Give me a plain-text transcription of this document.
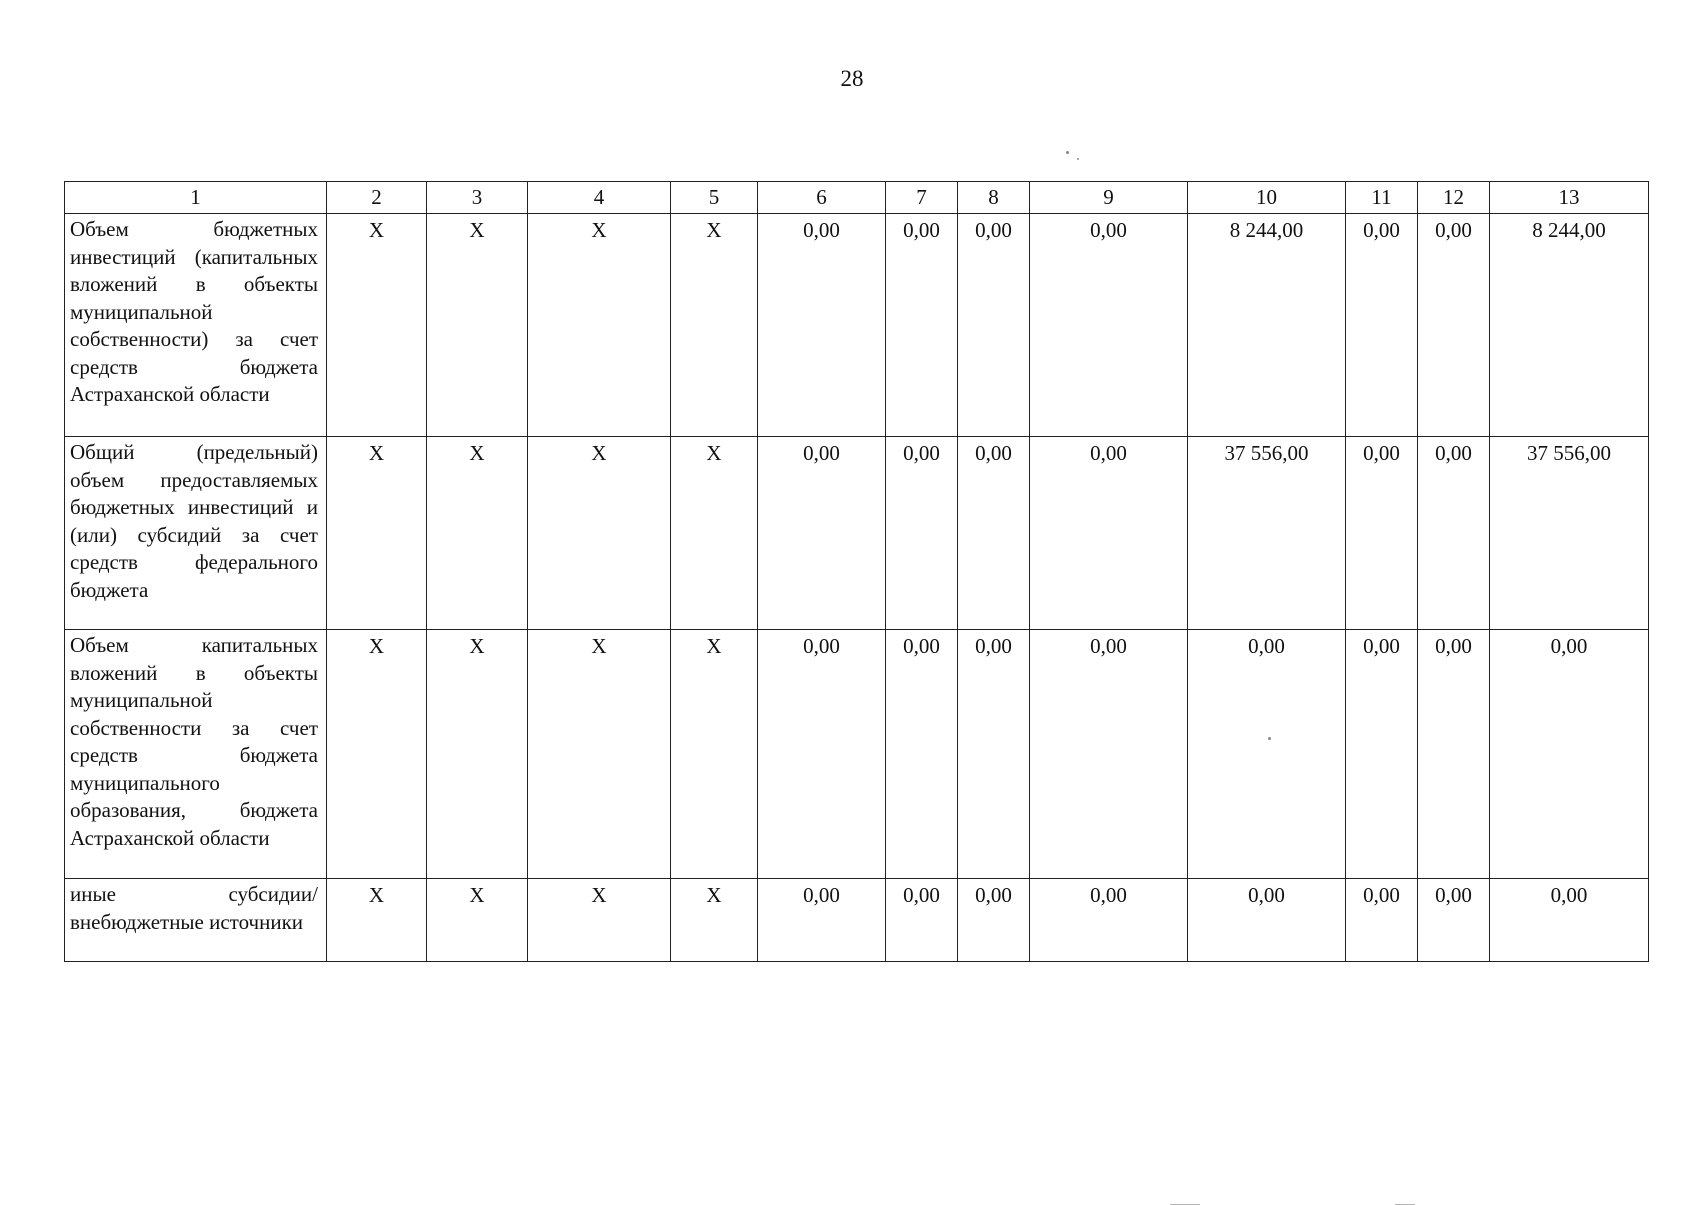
28
1	2	3	4	5	6	7	8	9	10	11	12	13
Объем бюджетных инвестиций (капитальных вложений в объекты муниципальной собственности) за счет средств бюджета Астраханской области	X	X	X	X	0,00	0,00	0,00	0,00	8 244,00	0,00	0,00	8 244,00
Общий (предельный) объем предоставляемых бюджетных инвестиций и (или) субсидий за счет средств федерального бюджета	X	X	X	X	0,00	0,00	0,00	0,00	37 556,00	0,00	0,00	37 556,00
Объем капитальных вложений в объекты муниципальной собственности за счет средств бюджета муниципального образования, бюджета Астраханской области	X	X	X	X	0,00	0,00	0,00	0,00	0,00	0,00	0,00	0,00
иные субсидии/ внебюджетные источники	X	X	X	X	0,00	0,00	0,00	0,00	0,00	0,00	0,00	0,00
